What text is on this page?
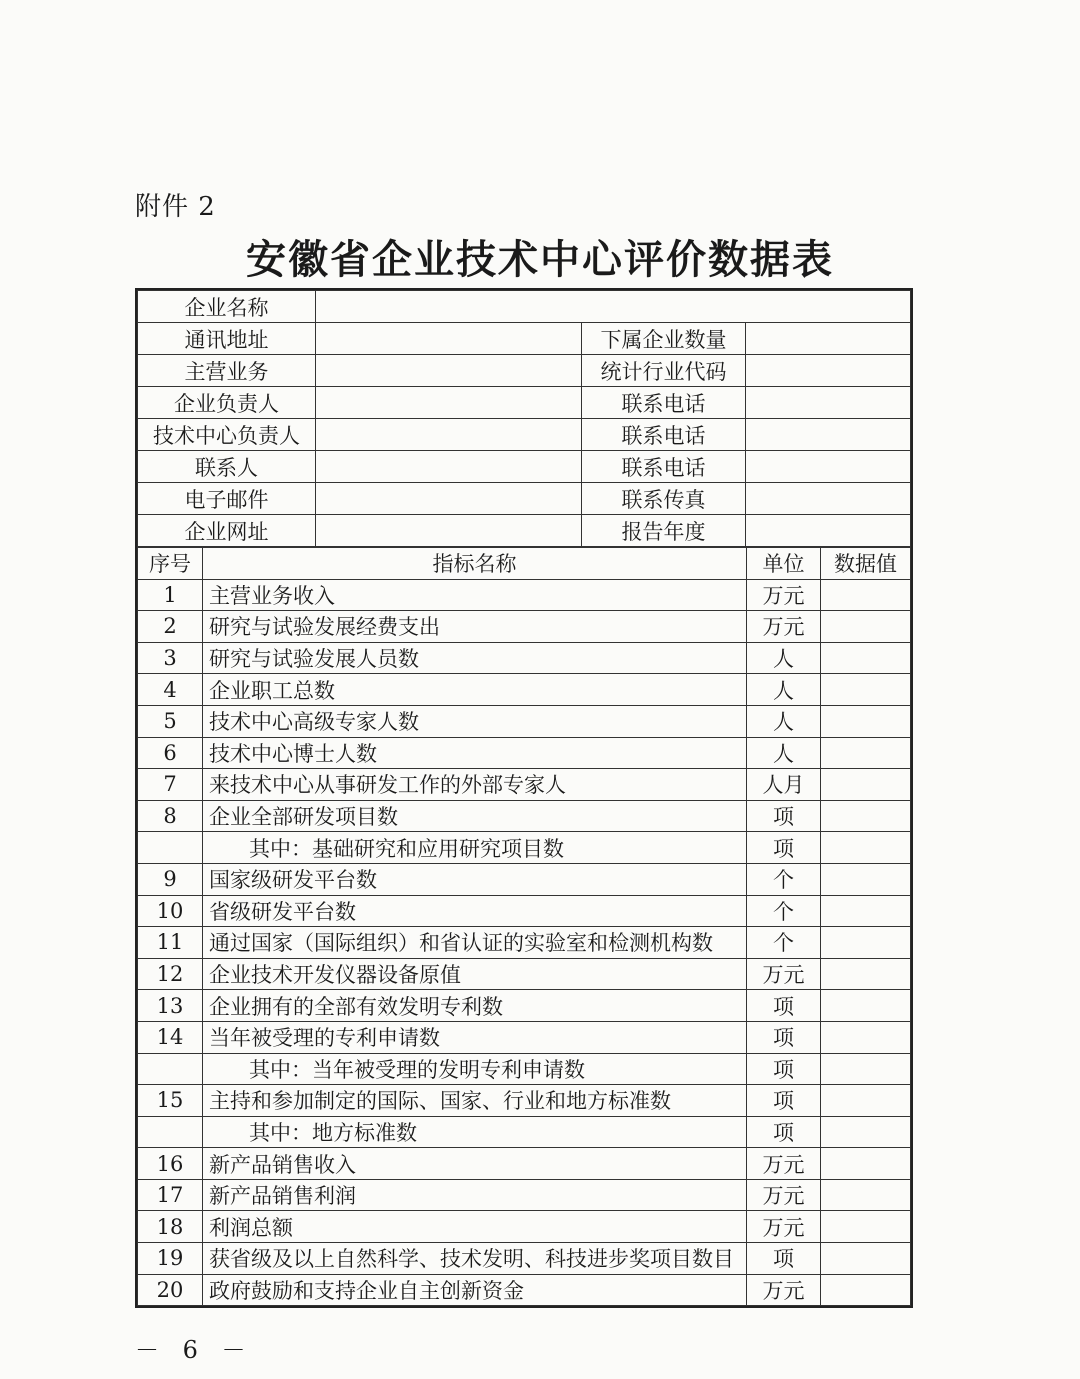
附件 2
安徽省企业技术中心评价数据表
企业名称			
通讯地址		下属企业数量	
主营业务		统计行业代码	
企业负责人		联系电话	
技术中心负责人		联系电话	
联系人		联系电话	
电子邮件		联系传真	
企业网址		报告年度	
序号	指标名称	单位	数据值
1	主营业务收入	万元	
2	研究与试验发展经费支出	万元	
3	研究与试验发展人员数	人	
4	企业职工总数	人	
5	技术中心高级专家人数	人	
6	技术中心博士人数	人	
7	来技术中心从事研发工作的外部专家人	人月	
8	企业全部研发项目数	项	
	其中：基础研究和应用研究项目数	项	
9	国家级研发平台数	个	
10	省级研发平台数	个	
11	通过国家（国际组织）和省认证的实验室和检测机构数	个	
12	企业技术开发仪器设备原值	万元	
13	企业拥有的全部有效发明专利数	项	
14	当年被受理的专利申请数	项	
	其中：当年被受理的发明专利申请数	项	
15	主持和参加制定的国际、国家、行业和地方标准数	项	
	其中：地方标准数	项	
16	新产品销售收入	万元	
17	新产品销售利润	万元	
18	利润总额	万元	
19	获省级及以上自然科学、技术发明、科技进步奖项目数目	项	
20	政府鼓励和支持企业自主创新资金	万元	
－ 6 －
